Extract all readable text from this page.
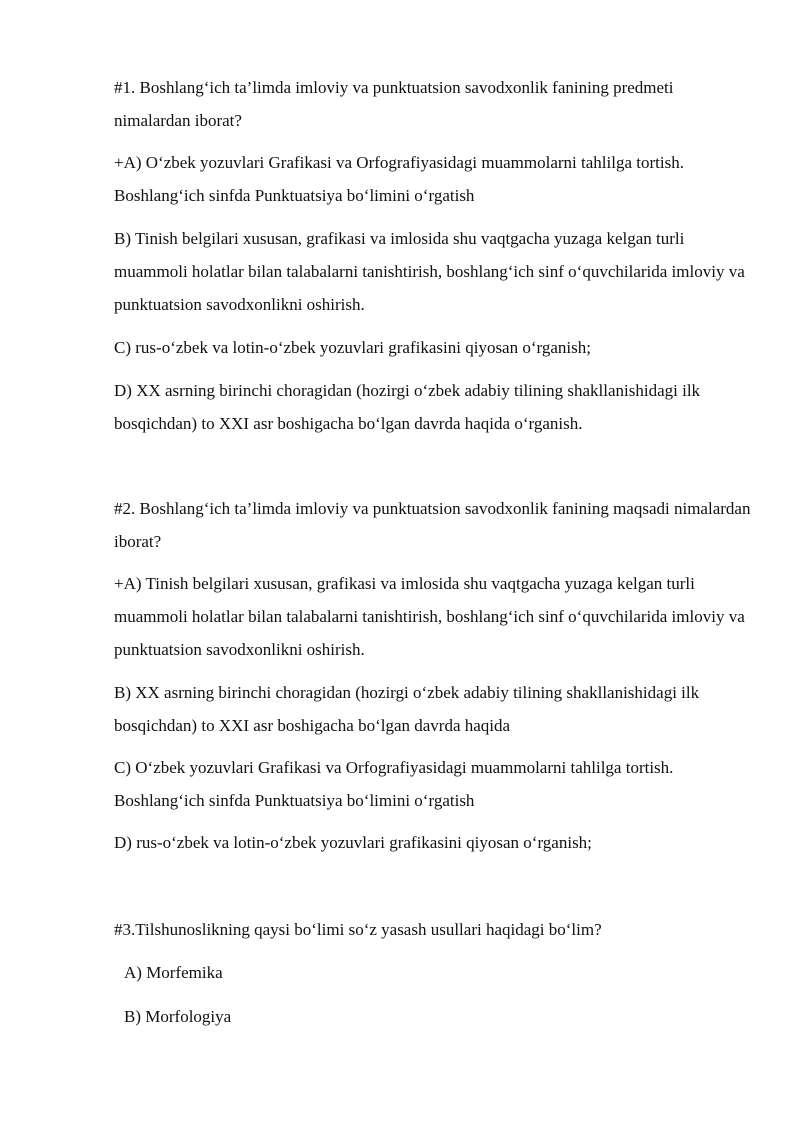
#1. Boshlang‘ich ta’limda imloviy va punktuatsion savodxonlik fanining predmeti nimalardan iborat?

+A) O‘zbek yozuvlari Grafikasi va Orfografiyasidagi muammolarni tahlilga tortish. Boshlang‘ich sinfda Punktuatsiya bo‘limini o‘rgatish

B) Tinish belgilari xususan, grafikasi va imlosida shu vaqtgacha yuzaga kelgan turli muammoli holatlar bilan talabalarni tanishtirish, boshlang‘ich sinf o‘quvchilarida imloviy va punktuatsion savodxonlikni oshirish.

C) rus-o‘zbek va lotin-o‘zbek yozuvlari grafikasini qiyosan o‘rganish;

D) XX asrning birinchi choragidan (hozirgi o‘zbek adabiy tilining shakllanishidagi ilk bosqichdan) to XXI asr boshigacha bo‘lgan davrda haqida o‘rganish.

#2. Boshlang‘ich ta’limda imloviy va punktuatsion savodxonlik fanining maqsadi nimalardan iborat?

+A) Tinish belgilari xususan, grafikasi va imlosida shu vaqtgacha yuzaga kelgan turli muammoli holatlar bilan talabalarni tanishtirish, boshlang‘ich sinf o‘quvchilarida imloviy va punktuatsion savodxonlikni oshirish.

B) XX asrning birinchi choragidan (hozirgi o‘zbek adabiy tilining shakllanishidagi ilk bosqichdan) to XXI asr boshigacha bo‘lgan davrda haqida

C) O‘zbek yozuvlari Grafikasi va Orfografiyasidagi muammolarni tahlilga tortish. Boshlang‘ich sinfda Punktuatsiya bo‘limini o‘rgatish

D) rus-o‘zbek va lotin-o‘zbek yozuvlari grafikasini qiyosan o‘rganish;

#3.Tilshunoslikning qaysi bo‘limi so‘z yasash usullari haqidagi bo‘lim?

A) Morfemika

B) Morfologiya
